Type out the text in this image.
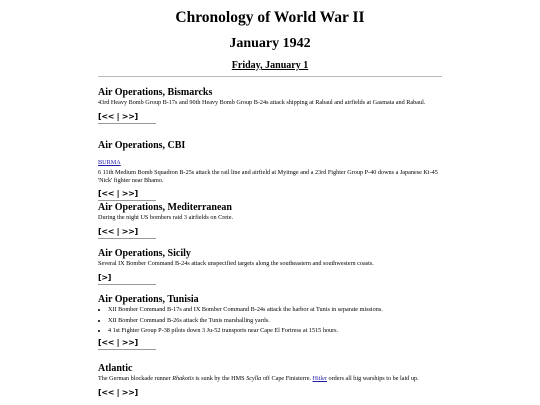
Chronology of World War II
January 1942
Friday, January 1
Air Operations, Bismarcks
43rd Heavy Bomb Group B-17s and 90th Heavy Bomb Group B-24s attack shipping at Rabaul and airfields at Gasmata and Rabaul.
[<< | >>]
Air Operations, CBI
BURMA
6 11th Medium Bomb Squadron B-25s attack the rail line and airfield at Myitnge and a 23rd Fighter Group P-40 downs a Japanese Ki-45 'Nick' fighter near Bhamo.
[<< | >>]
Air Operations, Mediterranean
During the night US bombers raid 3 airfields on Crete.
[<< | >>]
Air Operations, Sicily
Several IX Bomber Command B-24s attack unspecified targets along the southeastern and southwestern coasts.
[>]
Air Operations, Tunisia
• XII Bomber Command B-17s and IX Bomber Command B-24s attack the harbor at Tunis in separate missions.
• XII Bomber Command B-26s attack the Tunis marshalling yards.
• 4 1st Fighter Group P-38 pilots down 3 Ju-52 transports near Cape El Fortress at 1515 hours.
[<< | >>]
Atlantic
The German blockade runner Rhakotis is sunk by the HMS Scylla off Cape Finisterre. Hitler orders all big warships to be laid up.
[<< | >>]
